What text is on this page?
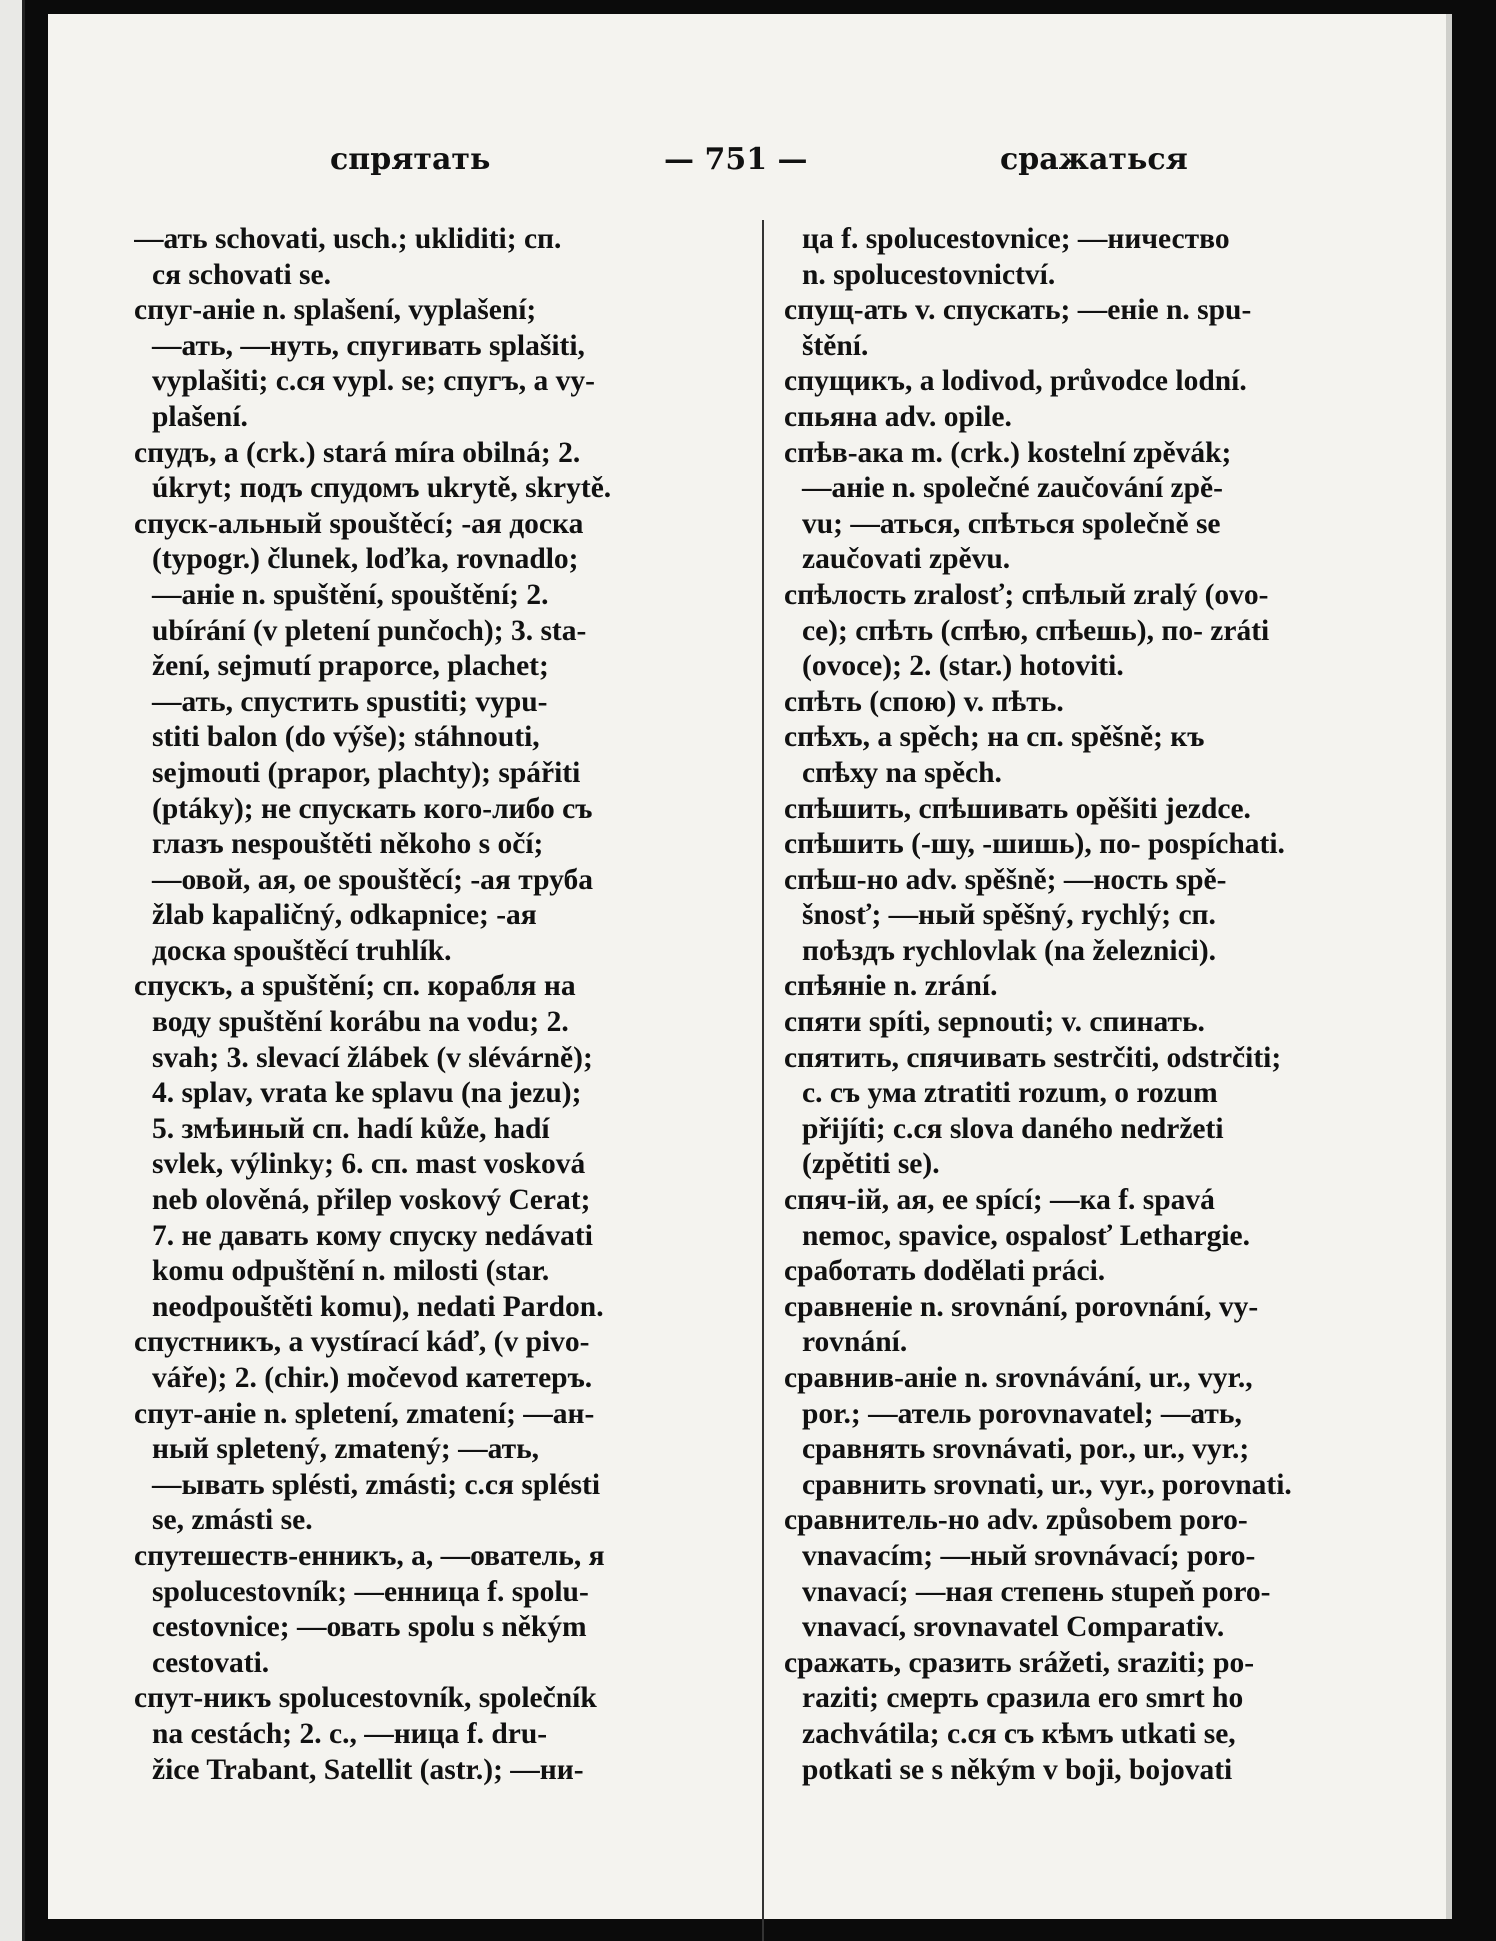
спрятать	— 751 —	сражаться
—ать schovati, usch.; ukliditi; сп.
ся schovati se.
спуг-аніе n. splašení, vyplašení;
—ать, —нуть, спугивать splašiti,
vyplašiti; с.ся vypl. se; спугъ, a vy-
plašení.
спудъ, a (crk.) stará míra obilná; 2.
úkryt; подъ спудомъ ukrytě, skrytě.
спуск-альный spouštěcí; -ая доска
(typogr.) člunek, loďka, rovnadlo;
—аніе n. spuštění, spouštění; 2.
ubírání (v pletení punčoch); 3. sta-
žení, sejmutí praporce, plachet;
—ать, спустить spustiti; vypu-
stiti balon (do výše); stáhnouti,
sejmouti (prapor, plachty); spářiti
(ptáky); не спускать кого-либо съ
глазъ nespouštěti někoho s očí;
—овой, ая, ое spouštěcí; -ая труба
žlab kapaličný, odkapnice; -ая
доска spouštěcí truhlík.
спускъ, a spuštění; сп. корабля на
воду spuštění korábu na vodu; 2.
svah; 3. slevací žlábek (v slévárně);
4. splav, vrata ke splavu (na jezu);
5. змѣиный сп. hadí kůže, hadí
svlek, výlinky; 6. сп. mast vosková
neb olověná, přilep voskový Cerat;
7. не давать кому спуску nedávati
komu odpuštění n. milosti (star.
neodpouštěti komu), nedati Pardon.
спустникъ, a vystírací káď, (v pivo-
váře); 2. (chir.) močevod катетеръ.
спут-аніе n. spletení, zmatení; —ан-
ный spletený, zmatený; —ать,
—ывать splésti, zmásti; с.ся splésti
se, zmásti se.
спутешеств-енникъ, a, —ователь, я
spolucestovník; —енница f. spolu-
cestovnice; —овать spolu s někým
cestovati.
спут-никъ spolucestovník, společník
na cestách; 2. с., —ница f. dru-
žice Trabant, Satellit (astr.); —ни-
ца f. spolucestovnice; —ничество
n. spolucestovnictví.
спущ-ать v. спускать; —еніе n. spu-
štění.
спущикъ, a lodivod, průvodce lodní.
спьяна adv. opile.
спѣв-ака m. (crk.) kostelní zpěvák;
—аніе n. společné zaučování zpě-
vu; —аться, спѣться společně se
zaučovati zpěvu.
спѣлость zralosť; спѣлый zralý (ovo-
ce); спѣть (спѣю, спѣешь), по- zráti
(ovoce); 2. (star.) hotoviti.
спѣть (спою) v. пѣть.
спѣхъ, a spěch; на сп. spěšně; къ
спѣху na spěch.
спѣшить, спѣшивать opěšiti jezdce.
спѣшить (-шу, -шишь), по- pospíchati.
спѣш-но adv. spěšně; —ность spě-
šnosť; —ный spěšný, rychlý; сп.
поѣздъ rychlovlak (na železnici).
спѣяніе n. zrání.
спяти spíti, sepnouti; v. спинать.
спятить, спячивать sestrčiti, odstrčiti;
с. съ ума ztratiti rozum, o rozum
přijíti; с.ся slova daného nedržeti
(zpětiti se).
спяч-ій, ая, ее spící; —ка f. spavá
nemoc, spavice, ospalosť Lethargie.
сработать dodělati práci.
сравненіе n. srovnání, porovnání, vy-
rovnání.
сравнив-аніе n. srovnávání, ur., vyr.,
por.; —атель porovnavatel; —ать,
сравнять srovnávati, por., ur., vyr.;
сравнить srovnati, ur., vyr., porovnati.
сравнитель-но adv. způsobem poro-
vnavacím; —ный srovnávací; poro-
vnavací; —ная степень stupeň poro-
vnavací, srovnavatel Comparativ.
сражать, сразить srážeti, sraziti; po-
raziti; смерть сразила его smrt ho
zachvátila; с.ся съ кѣмъ utkati se,
potkati se s někým v boji, bojovati
